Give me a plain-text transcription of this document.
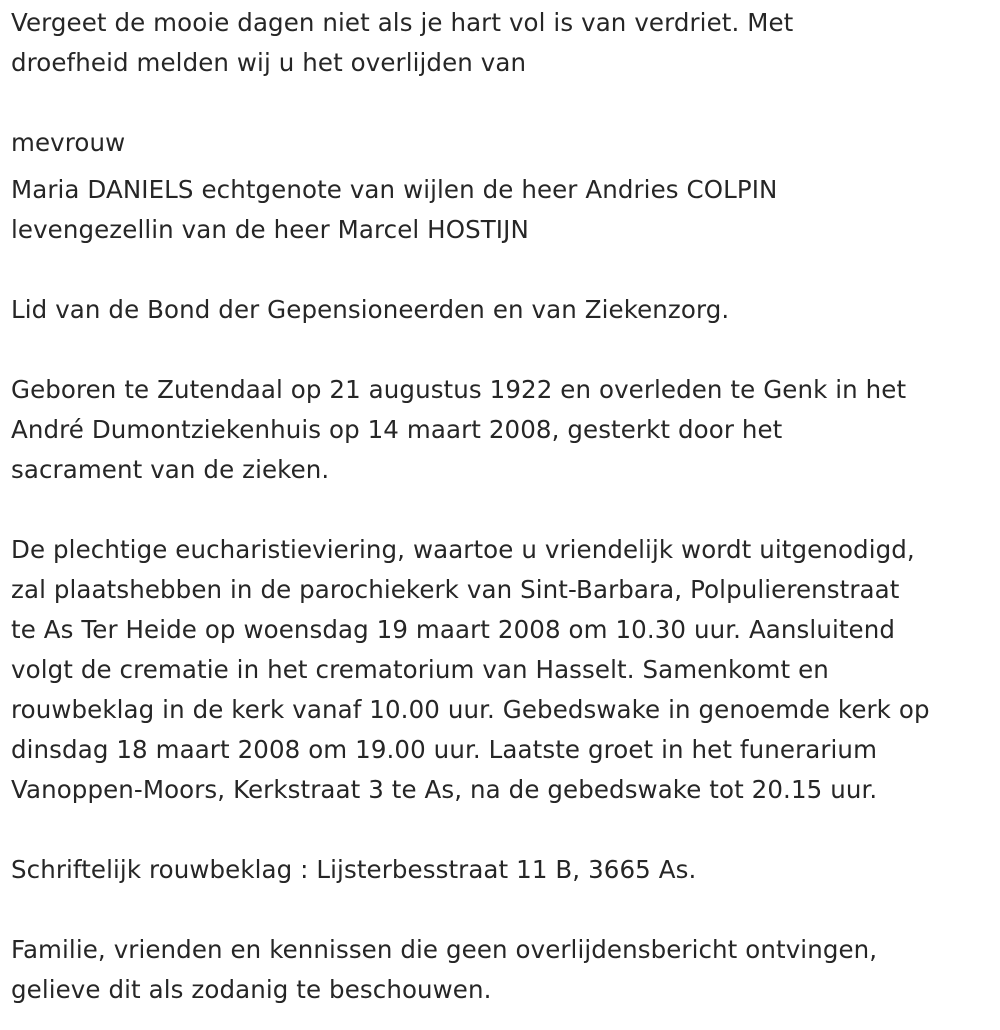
Vergeet de mooie dagen niet als je hart vol is van verdriet. Met
droefheid melden wij u het overlijden van

mevrouw

Maria DANIELS echtgenote van wijlen de heer Andries COLPIN
levengezellin van de heer Marcel HOSTIJN

Lid van de Bond der Gepensioneerden en van Ziekenzorg.

Geboren te Zutendaal op 21 augustus 1922 en overleden te Genk in het
André Dumontziekenhuis op 14 maart 2008, gesterkt door het
sacrament van de zieken.

De plechtige eucharistieviering, waartoe u vriendelijk wordt uitgenodigd,
zal plaatshebben in de parochiekerk van Sint-Barbara, Polpulierenstraat
te As Ter Heide op woensdag 19 maart 2008 om 10.30 uur. Aansluitend
volgt de crematie in het crematorium van Hasselt. Samenkomt en
rouwbeklag in de kerk vanaf 10.00 uur. Gebedswake in genoemde kerk op
dinsdag 18 maart 2008 om 19.00 uur. Laatste groet in het funerarium
Vanoppen-Moors, Kerkstraat 3 te As, na de gebedswake tot 20.15 uur.

Schriftelijk rouwbeklag : Lijsterbesstraat 11 B, 3665 As.

Familie, vrienden en kennissen die geen overlijdensbericht ontvingen,
gelieve dit als zodanig te beschouwen.
